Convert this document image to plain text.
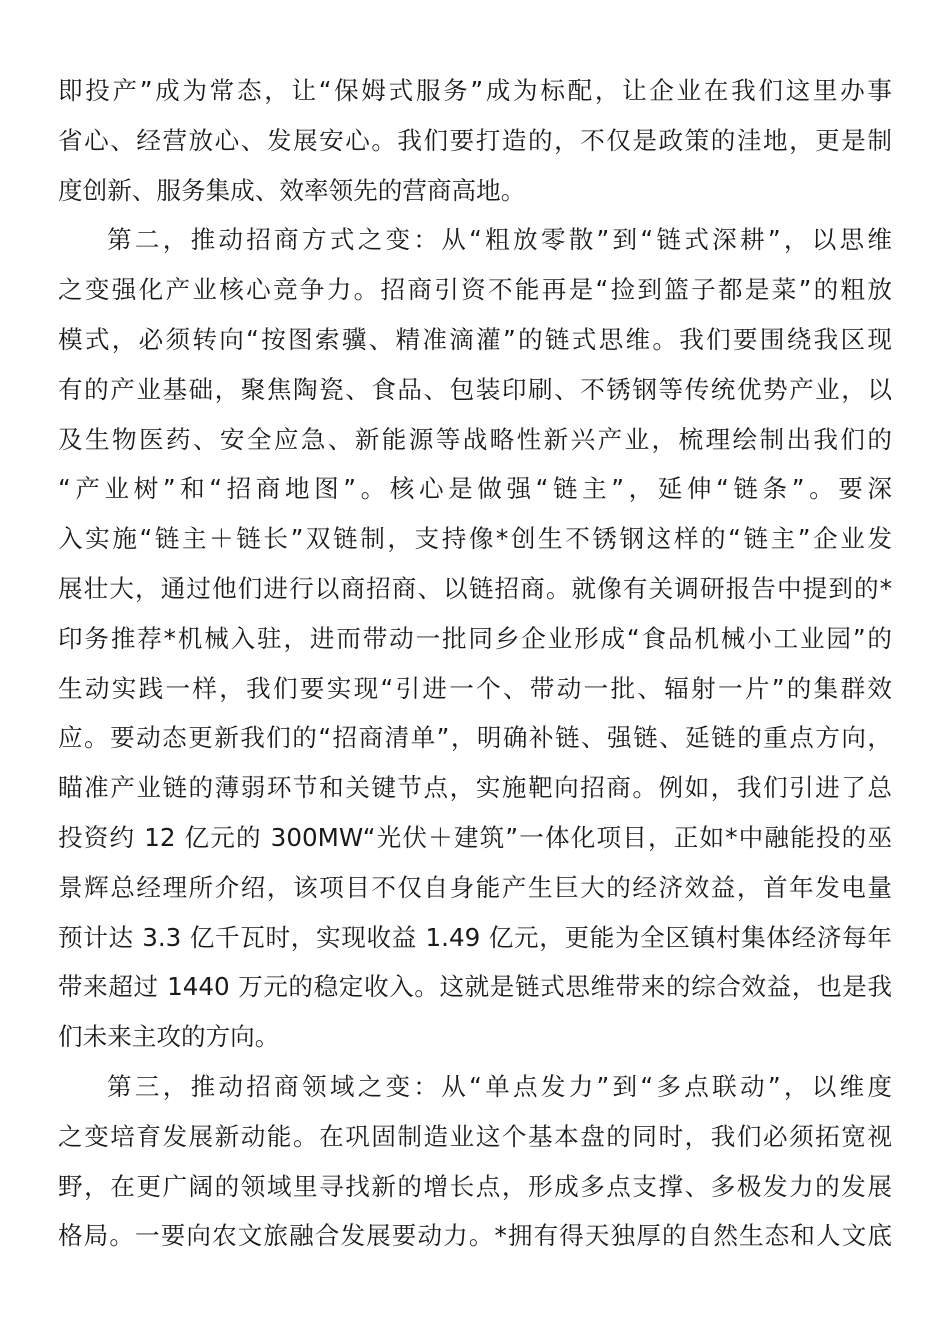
即投产”成为常态，让“保姆式服务”成为标配，让企业在我们这里办事
省心、经营放心、发展安心。我们要打造的，不仅是政策的洼地，更是制
度创新、服务集成、效率领先的营商高地。
第二，推动招商方式之变：从“粗放零散”到“链式深耕”，以思维
之变强化产业核心竞争力。招商引资不能再是“捡到篮子都是菜”的粗放
模式，必须转向“按图索骥、精准滴灌”的链式思维。我们要围绕我区现
有的产业基础，聚焦陶瓷、食品、包装印刷、不锈钢等传统优势产业，以
及生物医药、安全应急、新能源等战略性新兴产业，梳理绘制出我们的
“产业树”和“招商地图”。核心是做强“链主”，延伸“链条”。要深
入实施“链主＋链长”双链制，支持像*创生不锈钢这样的“链主”企业发
展壮大，通过他们进行以商招商、以链招商。就像有关调研报告中提到的*
印务推荐*机械入驻，进而带动一批同乡企业形成“食品机械小工业园”的
生动实践一样，我们要实现“引进一个、带动一批、辐射一片”的集群效
应。要动态更新我们的“招商清单”，明确补链、强链、延链的重点方向，
瞄准产业链的薄弱环节和关键节点，实施靶向招商。例如，我们引进了总
投资约 12 亿元的 300MW“光伏＋建筑”一体化项目，正如*中融能投的巫
景辉总经理所介绍，该项目不仅自身能产生巨大的经济效益，首年发电量
预计达 3.3 亿千瓦时，实现收益 1.49 亿元，更能为全区镇村集体经济每年
带来超过 1440 万元的稳定收入。这就是链式思维带来的综合效益，也是我
们未来主攻的方向。
第三，推动招商领域之变：从“单点发力”到“多点联动”，以维度
之变培育发展新动能。在巩固制造业这个基本盘的同时，我们必须拓宽视
野，在更广阔的领域里寻找新的增长点，形成多点支撑、多极发力的发展
格局。一要向农文旅融合发展要动力。*拥有得天独厚的自然生态和人文底
